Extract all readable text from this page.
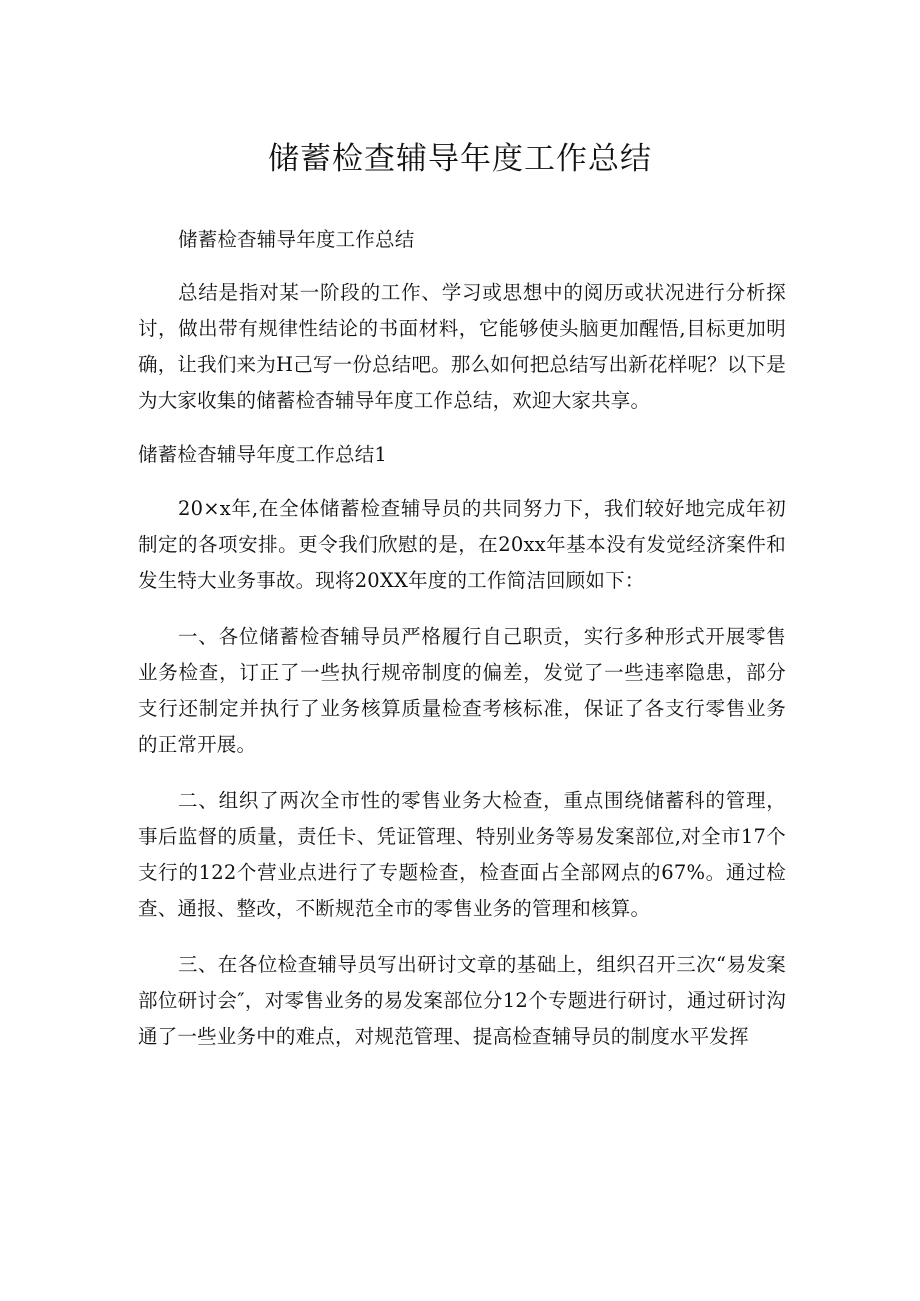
储蓄检查辅导年度工作总结

储蓄检杳辅导年度工作总结

总结是指对某一阶段的工作、学习或思想中的阅历或状况进行分析探讨，做出带有规律性结论的书面材料，它能够使头脑更加醒悟,目标更加明确，让我们来为H己写一份总结吧。那么如何把总结写出新花样呢？以下是为大家收集的储蓄检杳辅导年度工作总结，欢迎大家共享。

储蓄检杳辅导年度工作总结1

20×x年,在全体储蓄检查辅导员的共同努力下，我们较好地完成年初制定的各项安排。更令我们欣慰的是，在20xx年基本没有发觉经济案件和发生特大业务事故。现将20XX年度的工作简洁回顾如下：

一、各位储蓄检杳辅导员严格履行自己职贡，实行多种形式开展零售业务检查，订正了一些执行规帝制度的偏差，发觉了一些违率隐患，部分支行还制定并执行了业务核算质量检查考核标准，保证了各支行零售业务的正常开展。

二、组织了两次全市性的零售业务大检查，重点围绕储蓄科的管理，事后监督的质量，责任卡、凭证管理、特别业务等易发案部位,对全市17个支行的122个营业点进行了专题检查，检查面占全部网点的67%。通过检查、通报、整改，不断规范全市的零售业务的管理和核算。

三、在各位检查辅导员写出研讨文章的基础上，组织召开三次“易发案部位研讨会″，对零售业务的易发案部位分12个专题进行研讨，通过研讨沟通了一些业务中的难点，对规范管理、提高检查辅导员的制度水平发挥
